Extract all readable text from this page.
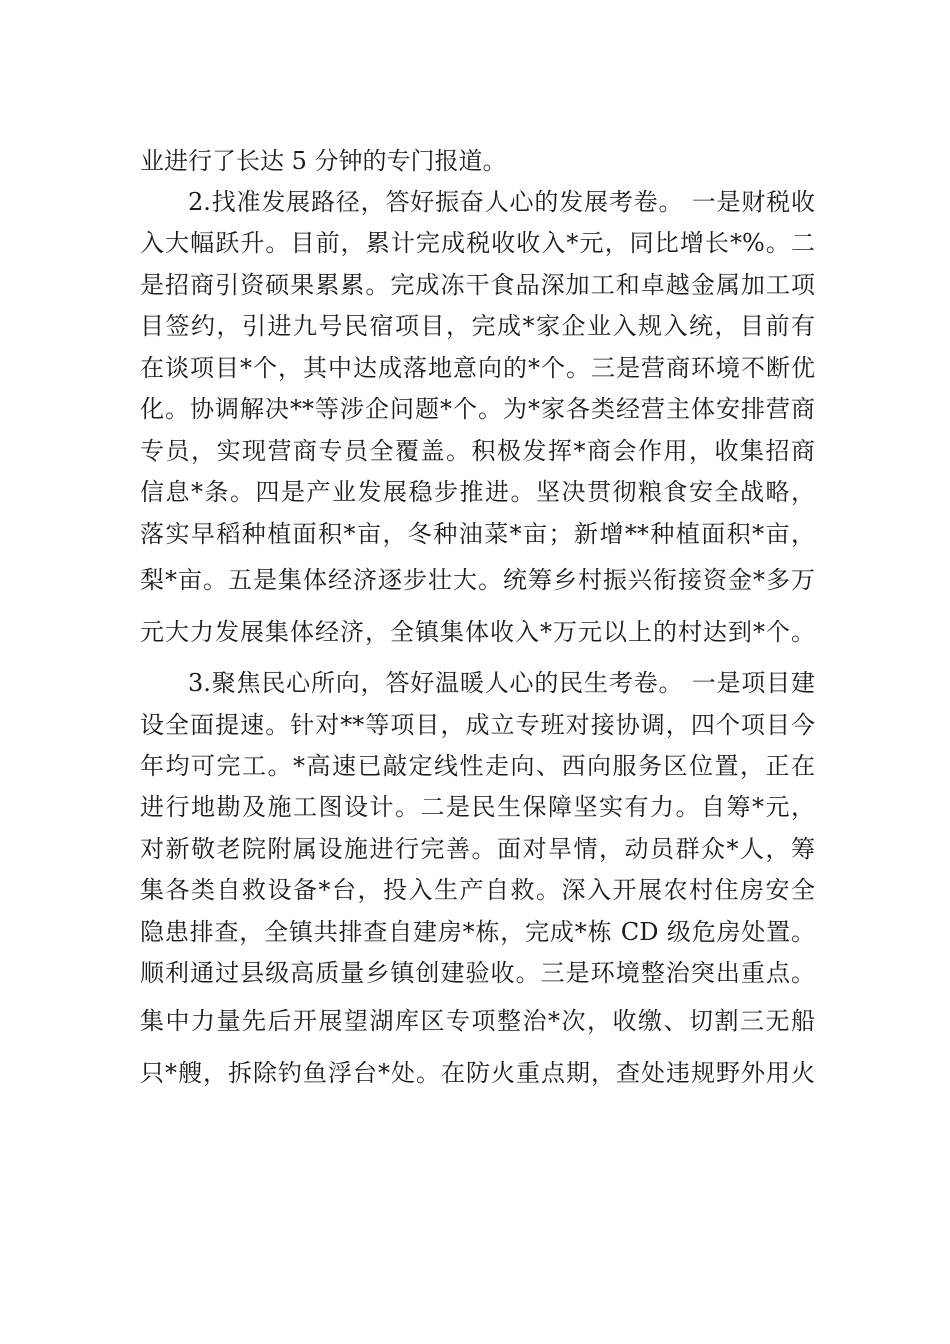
业进行了长达 5 分钟的专门报道。
2.找准发展路径，答好振奋人心的发展考卷。 一是财税收
入大幅跃升。目前，累计完成税收收入*元，同比增长*%。二
是招商引资硕果累累。完成冻干食品深加工和卓越金属加工项
目签约，引进九号民宿项目，完成*家企业入规入统，目前有
在谈项目*个，其中达成落地意向的*个。三是营商环境不断优
化。协调解决**等涉企问题*个。为*家各类经营主体安排营商
专员，实现营商专员全覆盖。积极发挥*商会作用，收集招商
信息*条。四是产业发展稳步推进。坚决贯彻粮食安全战略，
落实早稻种植面积*亩，冬种油菜*亩；新增**种植面积*亩，
梨*亩。五是集体经济逐步壮大。统筹乡村振兴衔接资金*多万
元大力发展集体经济，全镇集体收入*万元以上的村达到*个。
3.聚焦民心所向，答好温暖人心的民生考卷。 一是项目建
设全面提速。针对**等项目，成立专班对接协调，四个项目今
年均可完工。*高速已敲定线性走向、西向服务区位置，正在
进行地勘及施工图设计。二是民生保障坚实有力。自筹*元，
对新敬老院附属设施进行完善。面对旱情，动员群众*人，筹
集各类自救设备*台，投入生产自救。深入开展农村住房安全
隐患排查，全镇共排查自建房*栋，完成*栋 CD 级危房处置。
顺利通过县级高质量乡镇创建验收。三是环境整治突出重点。
集中力量先后开展望湖库区专项整治*次，收缴、切割三无船
只*艘，拆除钓鱼浮台*处。在防火重点期，查处违规野外用火
